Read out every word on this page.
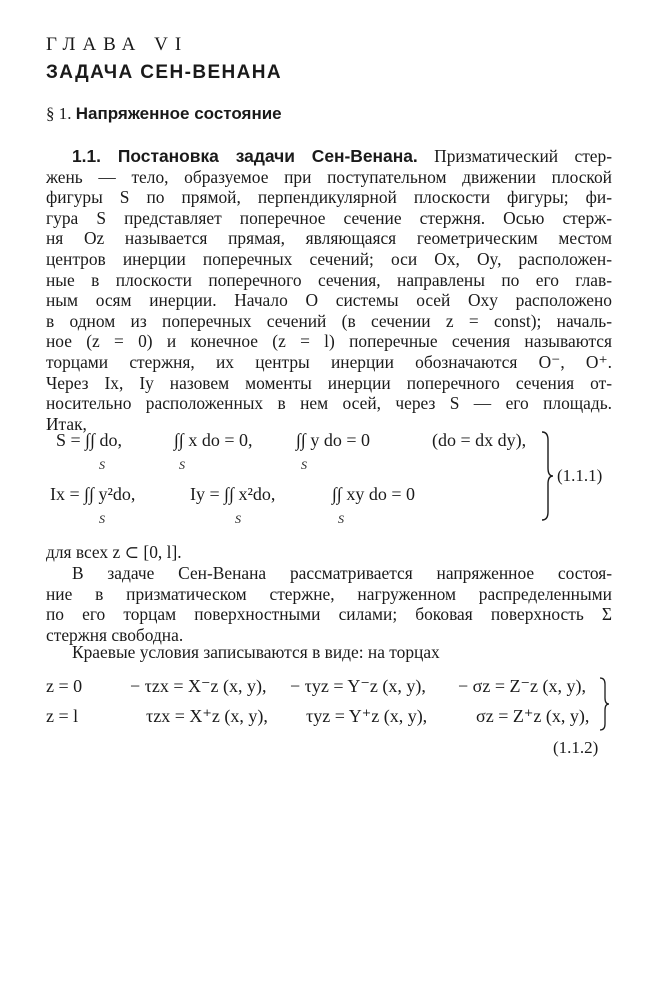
ГЛАВА VI
ЗАДАЧА СЕН-ВЕНАНА
§ 1. Напряженное состояние
1.1. Постановка задачи Сен-Венана. Призматический стер-
жень — тело, образуемое при поступательном движении плоской
фигуры S по прямой, перпендикулярной плоскости фигуры; фи-
гура S представляет поперечное сечение стержня. Осью стерж-
ня Oz называется прямая, являющаяся геометрическим местом
центров инерции поперечных сечений; оси Ox, Oy, расположен-
ные в плоскости поперечного сечения, направлены по его глав-
ным осям инерции. Начало O системы осей Oxy расположено
в одном из поперечных сечений (в сечении z = const); началь-
ное (z = 0) и конечное (z = l) поперечные сечения называются
торцами стержня, их центры инерции обозначаются O⁻, O⁺.
Через Ix, Iy назовем моменты инерции поперечного сечения от-
носительно расположенных в нем осей, через S — его площадь.
Итак,
S = ∫∫ do,	∫∫ x do = 0, ∫∫ y do = 0	(do = dx dy),
S	S	S
Ix = ∫∫ y²do,	Iy = ∫∫ x²do,	∫∫ xy do = 0
S	S	S
(1.1.1)
для всех z ⊂ [0, l].
В задаче Сен-Венана рассматривается напряженное состоя-
ние в призматическом стержне, нагруженном распределенными
по его торцам поверхностными силами; боковая поверхность Σ
стержня свободна.
Краевые условия записываются в виде: на торцах
z = 0	− τzx = X⁻z (x, y), − τyz = Y⁻z (x, y), − σz = Z⁻z (x, y),
z = l	τzx = X⁺z (x, y), τyz = Y⁺z (x, y),	σz = Z⁺z (x, y),
(1.1.2)
